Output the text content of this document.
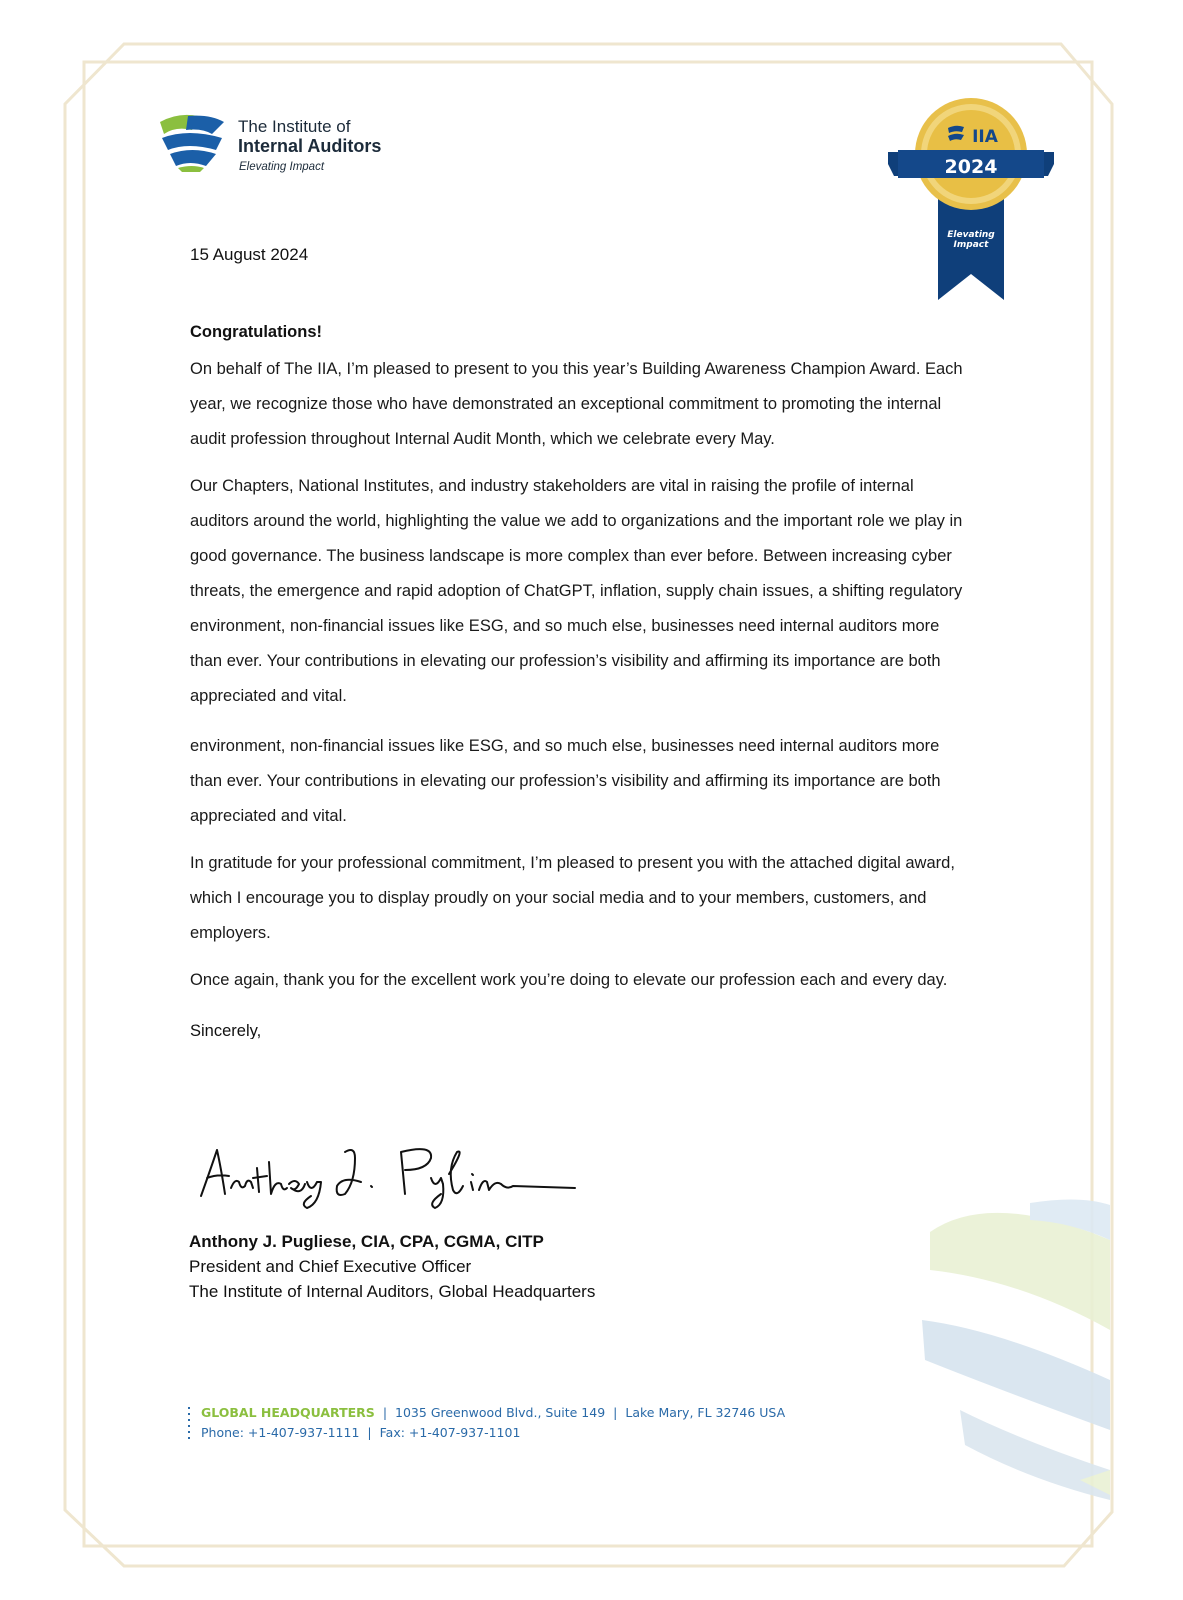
The Institute of
Internal Auditors
Elevating Impact
Elevating
Impact
2024
IIA
15 August 2024
Congratulations!

On behalf of The IIA, I’m pleased to present to you this year’s Building Awareness Champion Award. Each

year, we recognize those who have demonstrated an exceptional commitment to promoting the internal

audit profession throughout Internal Audit Month, which we celebrate every May.

Our Chapters, National Institutes, and industry stakeholders are vital in raising the profile of internal

auditors around the world, highlighting the value we add to organizations and the important role we play in

good governance. The business landscape is more complex than ever before. Between increasing cyber

threats, the emergence and rapid adoption of ChatGPT, inflation, supply chain issues, a shifting regulatory

environment, non-financial issues like ESG, and so much else, businesses need internal auditors more

than ever. Your contributions in elevating our profession’s visibility and affirming its importance are both

appreciated and vital.

environment, non-financial issues like ESG, and so much else, businesses need internal auditors more

than ever. Your contributions in elevating our profession’s visibility and affirming its importance are both

appreciated and vital.

In gratitude for your professional commitment, I’m pleased to present you with the attached digital award,

which I encourage you to display proudly on your social media and to your members, customers, and

employers.

Once again, thank you for the excellent work you’re doing to elevate our profession each and every day.

Sincerely,
Anthony J. Pugliese, CIA, CPA, CGMA, CITP
President and Chief Executive Officer
The Institute of Internal Auditors, Global Headquarters
GLOBAL HEADQUARTERS | 1035 Greenwood Blvd., Suite 149 | Lake Mary, FL 32746 USA
Phone: +1-407-937-1111 | Fax: +1-407-937-1101
